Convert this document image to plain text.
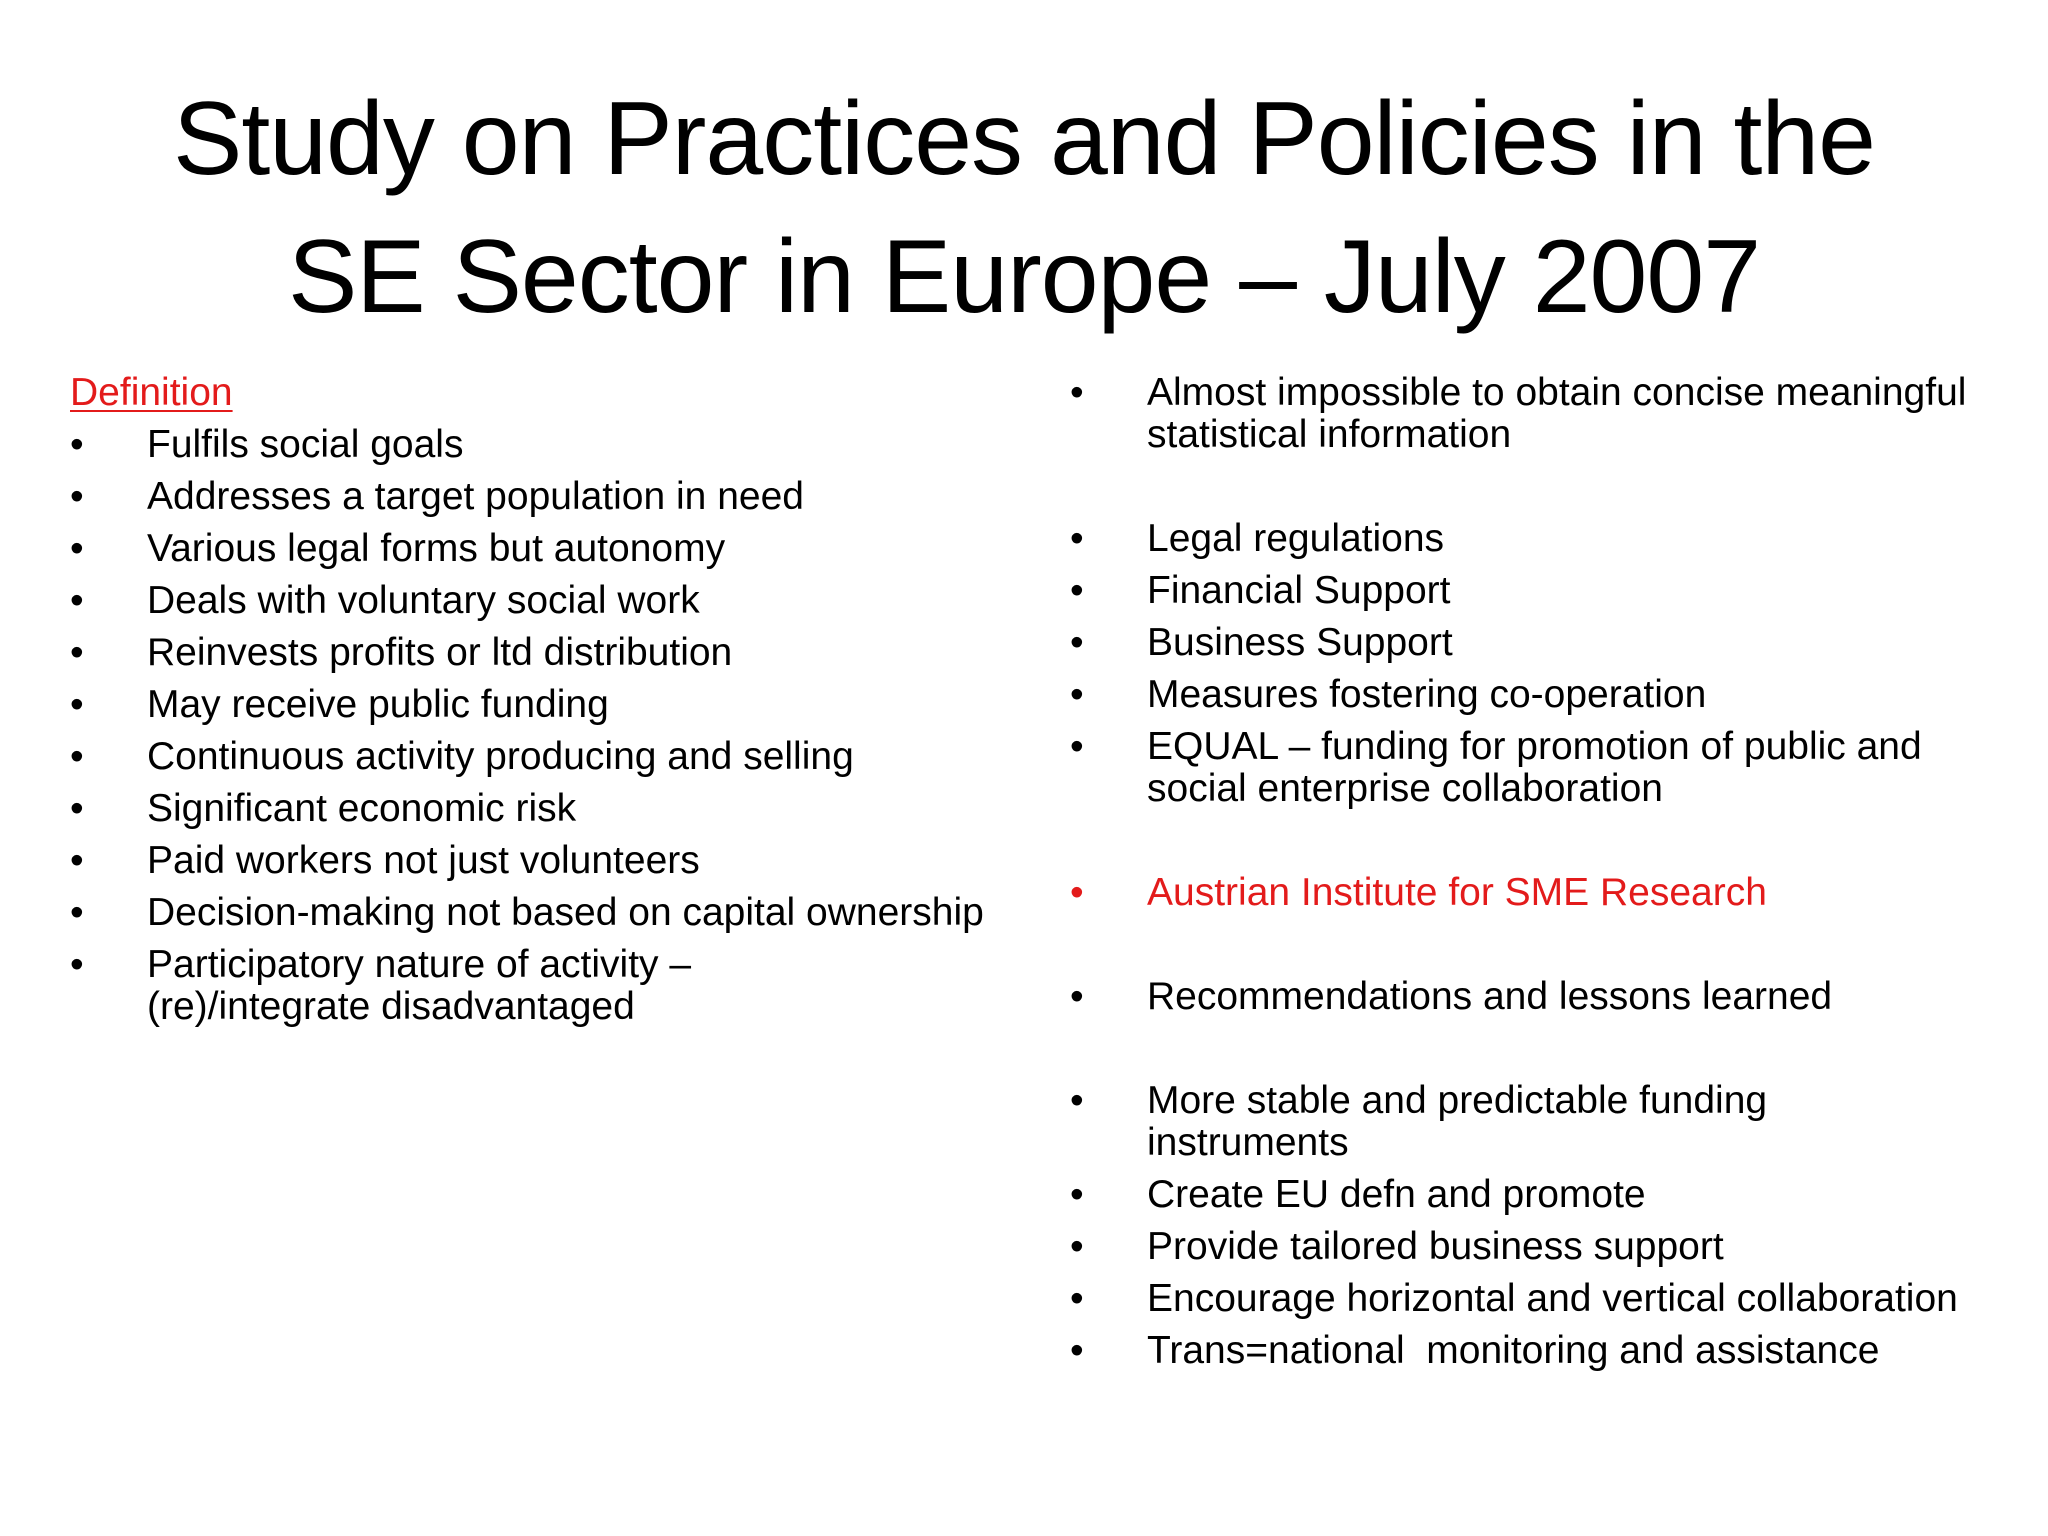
Study on Practices and Policies in the
SE Sector in Europe – July 2007
Definition
• Fulfils social goals
• Addresses a target population in need
• Various legal forms but autonomy
• Deals with voluntary social work
• Reinvests profits or ltd distribution
• May receive public funding
• Continuous activity producing and selling
• Significant economic risk
• Paid workers not just volunteers
• Decision-making not based on capital ownership
• Participatory nature of activity – (re)/integrate disadvantaged
• Almost impossible to obtain concise meaningful statistical information
• Legal regulations
• Financial Support
• Business Support
• Measures fostering co-operation
• EQUAL – funding for promotion of public and social enterprise collaboration
• Austrian Institute for SME Research
• Recommendations and lessons learned
• More stable and predictable funding instruments
• Create EU defn and promote
• Provide tailored business support
• Encourage horizontal and vertical collaboration
• Trans=national  monitoring and assistance
